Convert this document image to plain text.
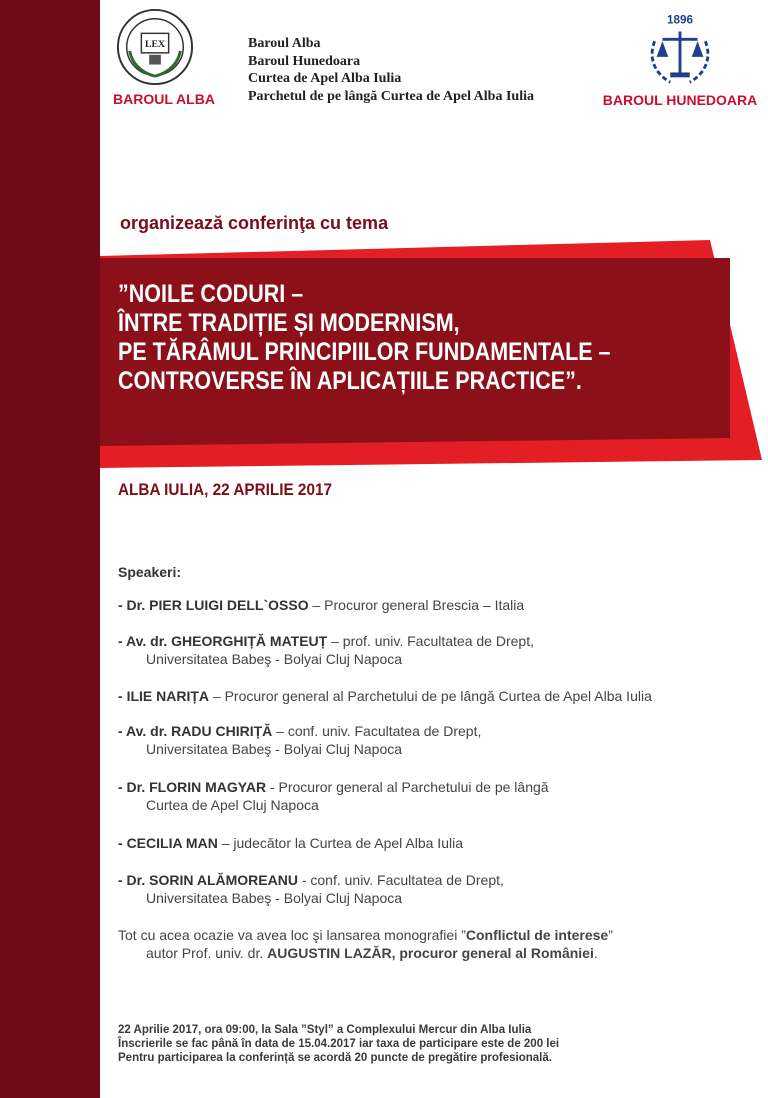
LEX
BAROUL ALBA
Baroul Alba
Baroul Hunedoara
Curtea de Apel Alba Iulia
Parchetul de pe lângă Curtea de Apel Alba Iulia
1896
BAROUL HUNEDOARA
organizează conferinţa cu tema
”NOILE CODURI –
ÎNTRE TRADIȚIE ȘI MODERNISM,
PE TĂRÂMUL PRINCIPIILOR FUNDAMENTALE –
CONTROVERSE ÎN APLICAȚIILE PRACTICE”.
ALBA IULIA, 22 APRILIE 2017
Speakeri:
- Dr. PIER LUIGI DELL`OSSO – Procuror general Brescia – Italia
- Av. dr. GHEORGHIȚĂ MATEUȚ – prof. univ. Facultatea de Drept,
Universitatea Babeş - Bolyai Cluj Napoca
- ILIE NARIȚA – Procuror general al Parchetului de pe lângă Curtea de Apel Alba Iulia
- Av. dr. RADU CHIRIȚĂ – conf. univ. Facultatea de Drept,
Universitatea Babeş - Bolyai Cluj Napoca
- Dr. FLORIN MAGYAR - Procuror general al Parchetului de pe lângă
Curtea de Apel Cluj Napoca
- CECILIA MAN – judecător la Curtea de Apel Alba Iulia
- Dr. SORIN ALĂMOREANU - conf. univ. Facultatea de Drept,
Universitatea Babeş - Bolyai Cluj Napoca
Tot cu acea ocazie va avea loc şi lansarea monografiei ”Conflictul de interese”
autor Prof. univ. dr. AUGUSTIN LAZĂR, procuror general al României.
22 Aprilie 2017, ora 09:00, la Sala ”Styl” a Complexului Mercur din Alba Iulia
Înscrierile se fac până în data de 15.04.2017 iar taxa de participare este de 200 lei
Pentru participarea la conferință se acordă 20 puncte de pregătire profesională.
